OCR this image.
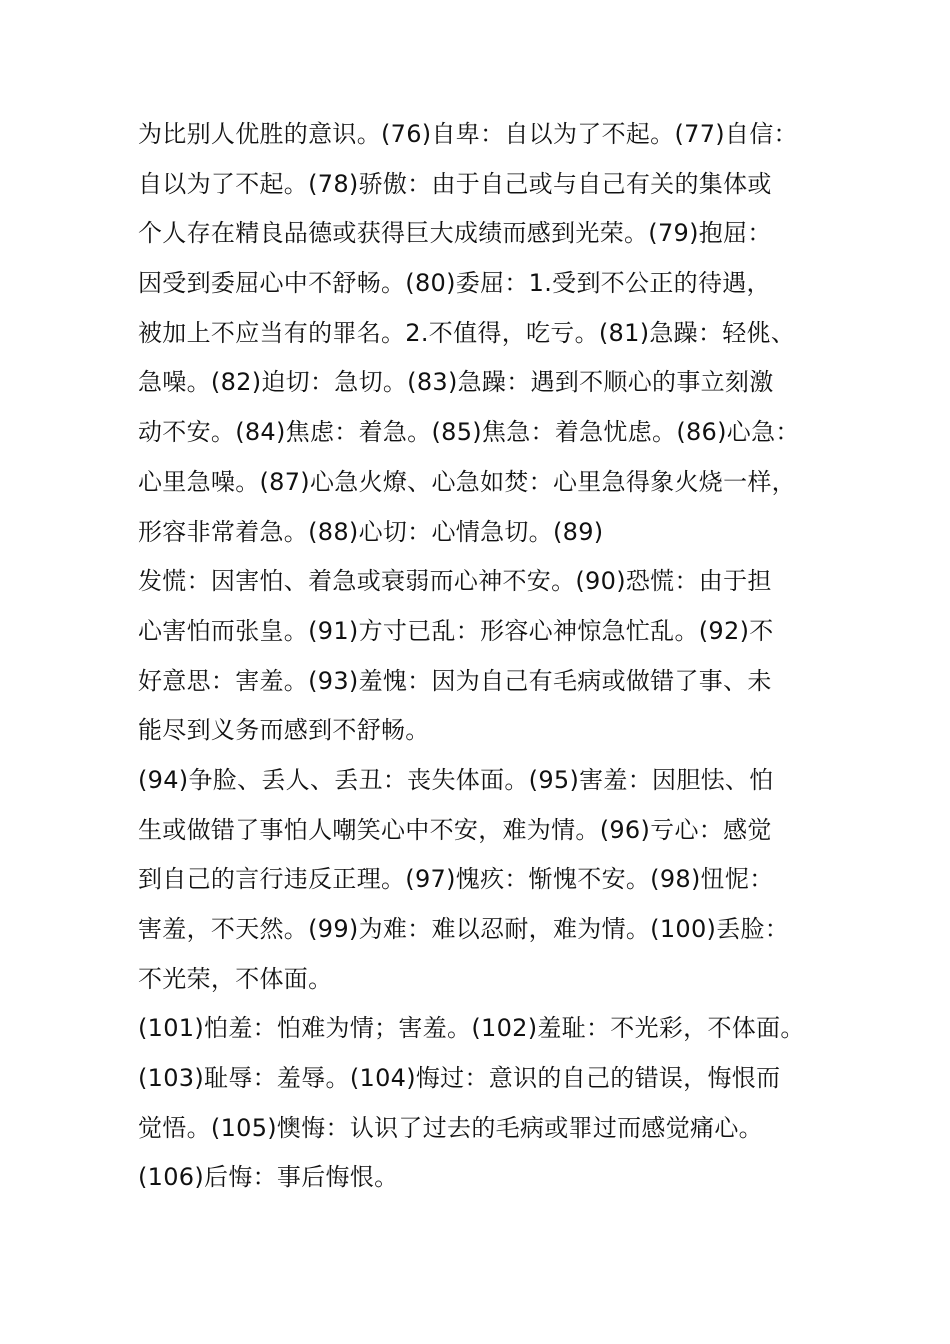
为比别人优胜的意识。(76)自卑：自以为了不起。(77)自信：
自以为了不起。(78)骄傲：由于自己或与自己有关的集体或
个人存在精良品德或获得巨大成绩而感到光荣。(79)抱屈：
因受到委屈心中不舒畅。(80)委屈：1.受到不公正的待遇，
被加上不应当有的罪名。2.不值得，吃亏。(81)急躁：轻佻、
急噪。(82)迫切：急切。(83)急躁：遇到不顺心的事立刻激
动不安。(84)焦虑：着急。(85)焦急：着急忧虑。(86)心急：
心里急噪。(87)心急火燎、心急如焚：心里急得象火烧一样，
形容非常着急。(88)心切：心情急切。(89)
发慌：因害怕、着急或衰弱而心神不安。(90)恐慌：由于担
心害怕而张皇。(91)方寸已乱：形容心神惊急忙乱。(92)不
好意思：害羞。(93)羞愧：因为自己有毛病或做错了事、未
能尽到义务而感到不舒畅。
(94)争脸、丢人、丢丑：丧失体面。(95)害羞：因胆怯、怕
生或做错了事怕人嘲笑心中不安，难为情。(96)亏心：感觉
到自己的言行违反正理。(97)愧疚：惭愧不安。(98)忸怩：
害羞，不天然。(99)为难：难以忍耐，难为情。(100)丢脸：
不光荣，不体面。
(101)怕羞：怕难为情；害羞。(102)羞耻：不光彩，不体面。
(103)耻辱：羞辱。(104)悔过：意识的自己的错误，悔恨而
觉悟。(105)懊悔：认识了过去的毛病或罪过而感觉痛心。
(106)后悔：事后悔恨。
